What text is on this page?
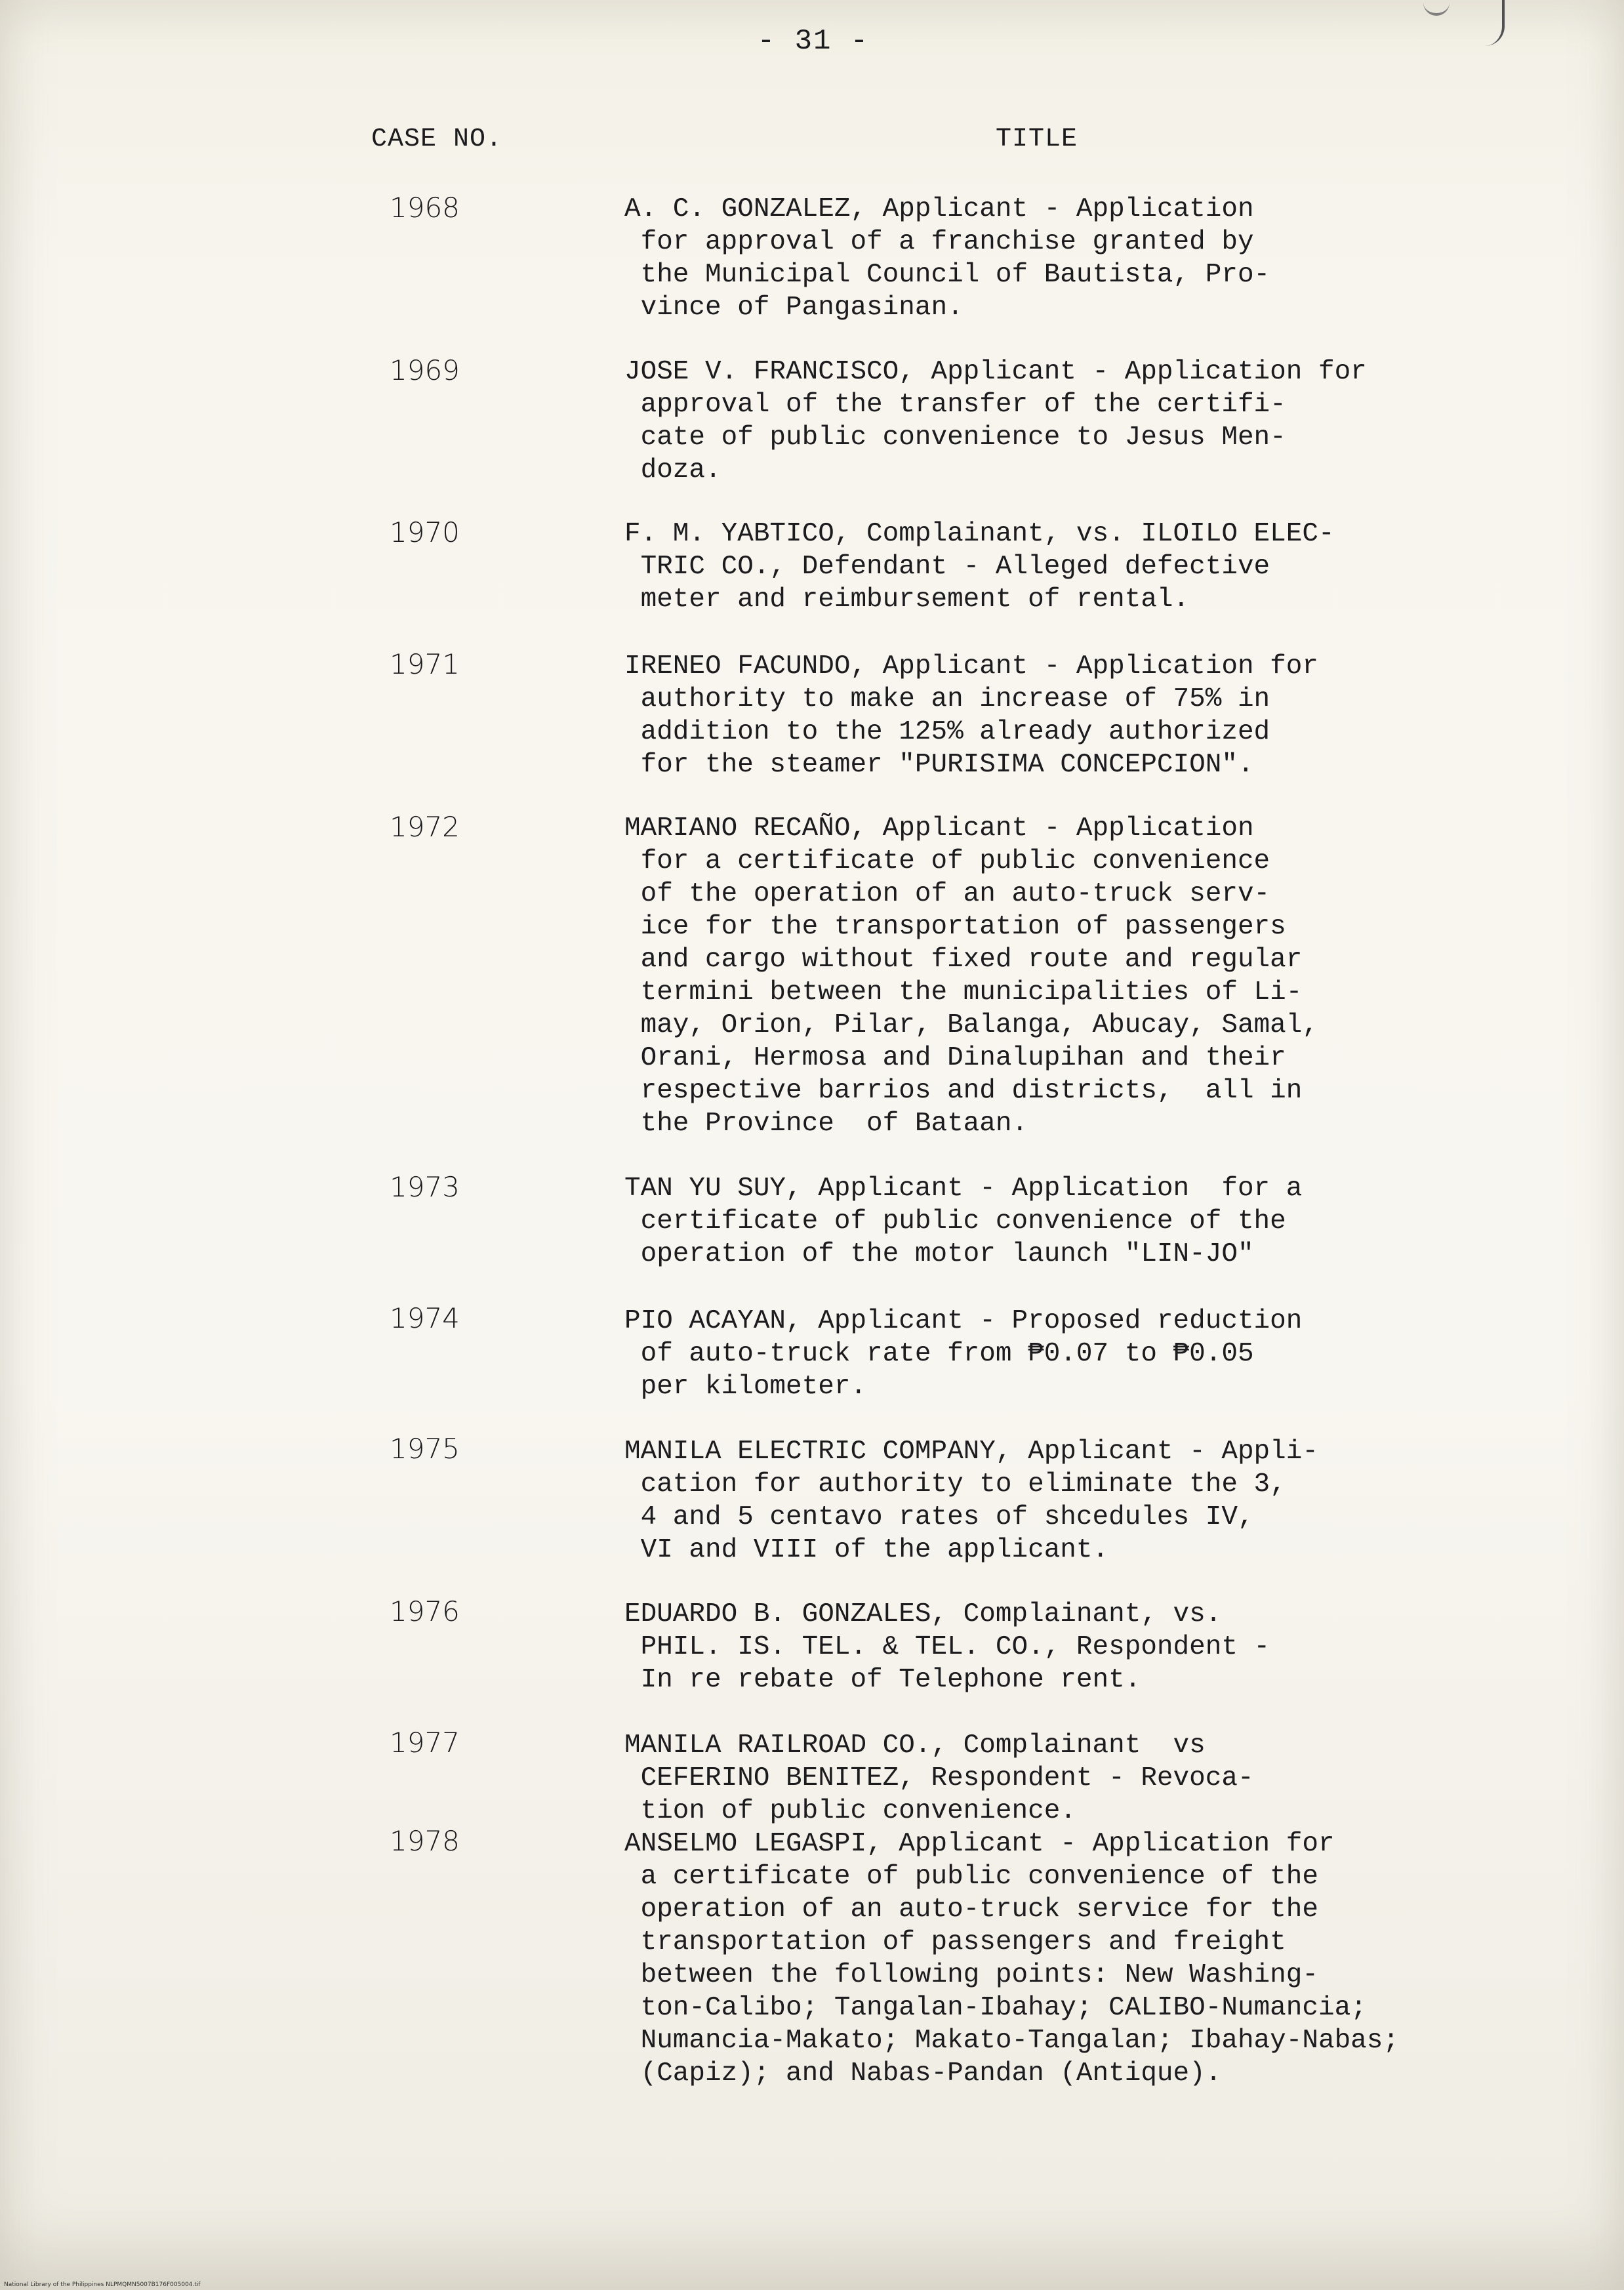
- 31 -
CASE NO.	TITLE
1968	A. C. GONZALEZ, Applicant - Application
for approval of a franchise granted by
the Municipal Council of Bautista, Pro-
vince of Pangasinan.
1969	JOSE V. FRANCISCO, Applicant - Application for
approval of the transfer of the certifi-
cate of public convenience to Jesus Men-
doza.
1970	F. M. YABTICO, Complainant, vs. ILOILO ELEC-
TRIC CO., Defendant - Alleged defective
meter and reimbursement of rental.
1971	IRENEO FACUNDO, Applicant - Application for
authority to make an increase of 75% in
addition to the 125% already authorized
for the steamer "PURISIMA CONCEPCION".
1972	MARIANO RECAÑO, Applicant - Application
for a certificate of public convenience
of the operation of an auto-truck serv-
ice for the transportation of passengers
and cargo without fixed route and regular
termini between the municipalities of Li-
may, Orion, Pilar, Balanga, Abucay, Samal,
Orani, Hermosa and Dinalupihan and their
respective barrios and districts,  all in
the Province  of Bataan.
1973	TAN YU SUY, Applicant - Application  for a
certificate of public convenience of the
operation of the motor launch "LIN-JO"
1974	PIO ACAYAN, Applicant - Proposed reduction
of auto-truck rate from ₱0.07 to ₱0.05
per kilometer.
1975	MANILA ELECTRIC COMPANY, Applicant - Appli-
cation for authority to eliminate the 3,
4 and 5 centavo rates of shcedules IV,
VI and VIII of the applicant.
1976	EDUARDO B. GONZALES, Complainant, vs.
PHIL. IS. TEL. & TEL. CO., Respondent -
In re rebate of Telephone rent.
1977	MANILA RAILROAD CO., Complainant  vs
CEFERINO BENITEZ, Respondent - Revoca-
tion of public convenience.
1978	ANSELMO LEGASPI, Applicant - Application for
a certificate of public convenience of the
operation of an auto-truck service for the
transportation of passengers and freight
between the following points: New Washing-
ton-Calibo; Tangalan-Ibahay; CALIBO-Numancia;
Numancia-Makato; Makato-Tangalan; Ibahay-Nabas;
(Capiz); and Nabas-Pandan (Antique).
National Library of the Philippines NLPMQMN5007B176F005004.tif
